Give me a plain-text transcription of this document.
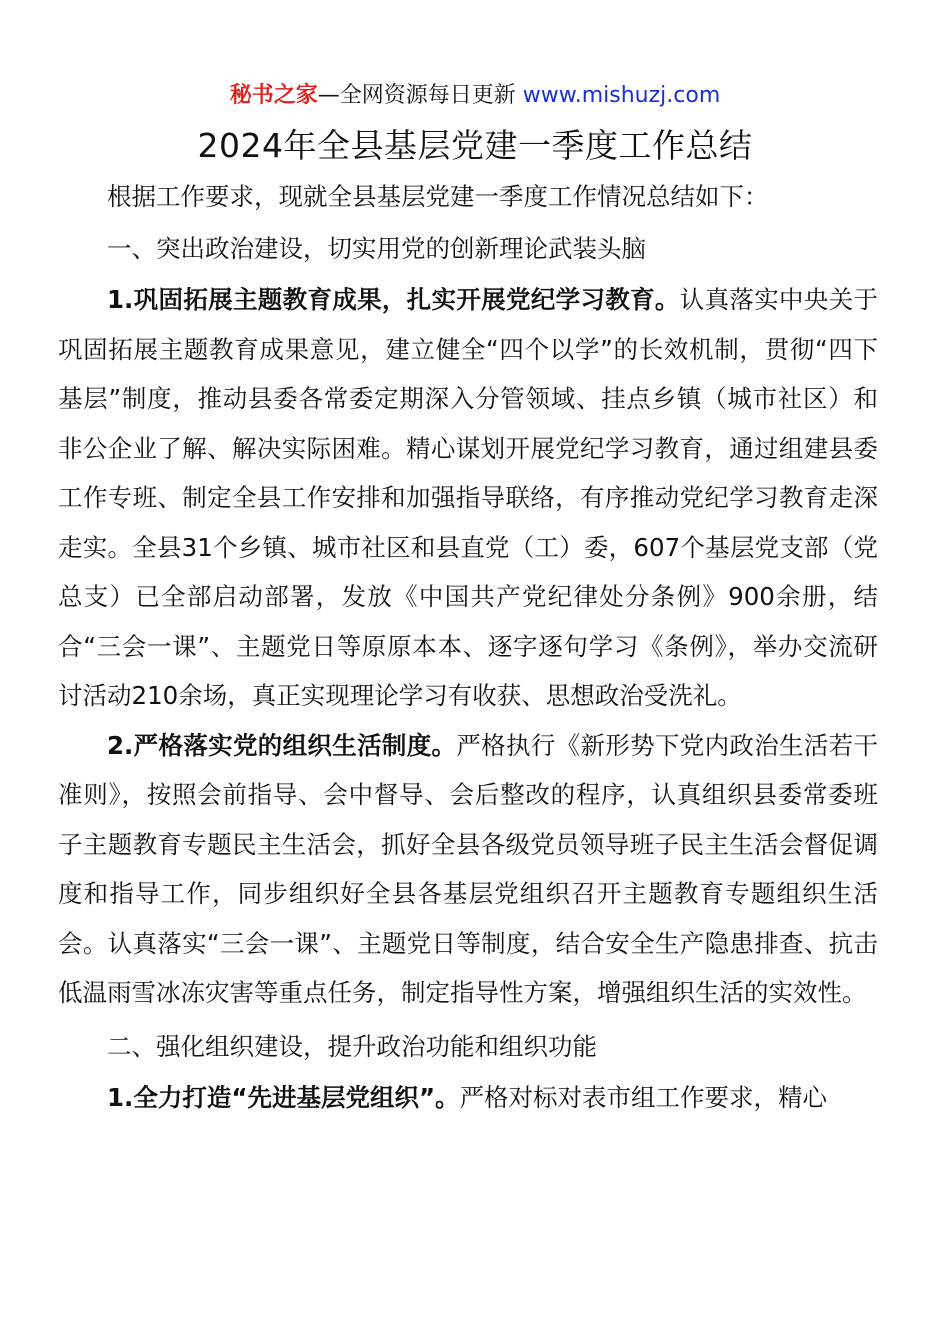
秘书之家—全网资源每日更新 www.mishuzj.com
2024年全县基层党建一季度工作总结

根据工作要求，现就全县基层党建一季度工作情况总结如下：

一、突出政治建设，切实用党的创新理论武装头脑

1.巩固拓展主题教育成果，扎实开展党纪学习教育。认真落实中央关于巩固拓展主题教育成果意见，建立健全“四个以学”的长效机制，贯彻“四下基层”制度，推动县委各常委定期深入分管领域、挂点乡镇（城市社区）和非公企业了解、解决实际困难。精心谋划开展党纪学习教育，通过组建县委工作专班、制定全县工作安排和加强指导联络，有序推动党纪学习教育走深走实。全县31个乡镇、城市社区和县直党（工）委，607个基层党支部（党总支）已全部启动部署，发放《中国共产党纪律处分条例》900余册，结合“三会一课”、主题党日等原原本本、逐字逐句学习《条例》，举办交流研讨活动210余场，真正实现理论学习有收获、思想政治受洗礼。

2.严格落实党的组织生活制度。严格执行《新形势下党内政治生活若干准则》，按照会前指导、会中督导、会后整改的程序，认真组织县委常委班子主题教育专题民主生活会，抓好全县各级党员领导班子民主生活会督促调度和指导工作，同步组织好全县各基层党组织召开主题教育专题组织生活会。认真落实“三会一课”、主题党日等制度，结合安全生产隐患排查、抗击低温雨雪冰冻灾害等重点任务，制定指导性方案，增强组织生活的实效性。

二、强化组织建设，提升政治功能和组织功能

1.全力打造“先进基层党组织”。严格对标对表市组工作要求，精心
